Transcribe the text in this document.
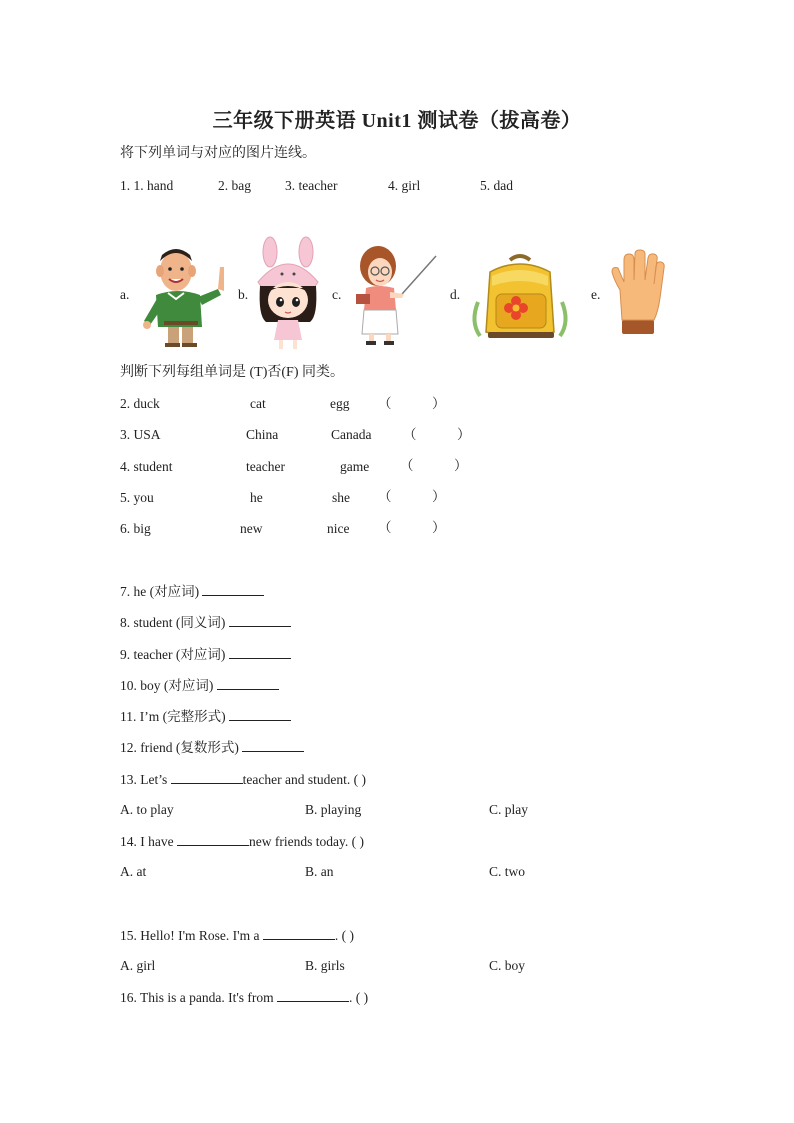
三年级下册英语 Unit1 测试卷（拔高卷）
将下列单词与对应的图片连线。
1. 1. hand	2. bag	3. teacher	4. girl	5. dad
a.	b.	c.	d.	e.
判断下列每组单词是 (T)否(F) 同类。
2. duck	cat	egg （　　　）
3. USA	China	Canada （　　　）
4. student	teacher	game （　　　）
5. you	he	she （　　　）
6. big	new	nice （　　　）
7. he (对应词)
8. student (同义词)
9. teacher (对应词)
10. boy (对应词)
11. I’m (完整形式)
12. friend (复数形式)
13. Let’s	teacher and student. ( )
A. to play	B. playing	C. play
14. I have	new friends today. ( )
A. at	B. an	C. two
15. Hello! I'm Rose. I'm a	. ( )
A. girl	B. girls	C. boy
16. This is a panda. It's from	. ( )
